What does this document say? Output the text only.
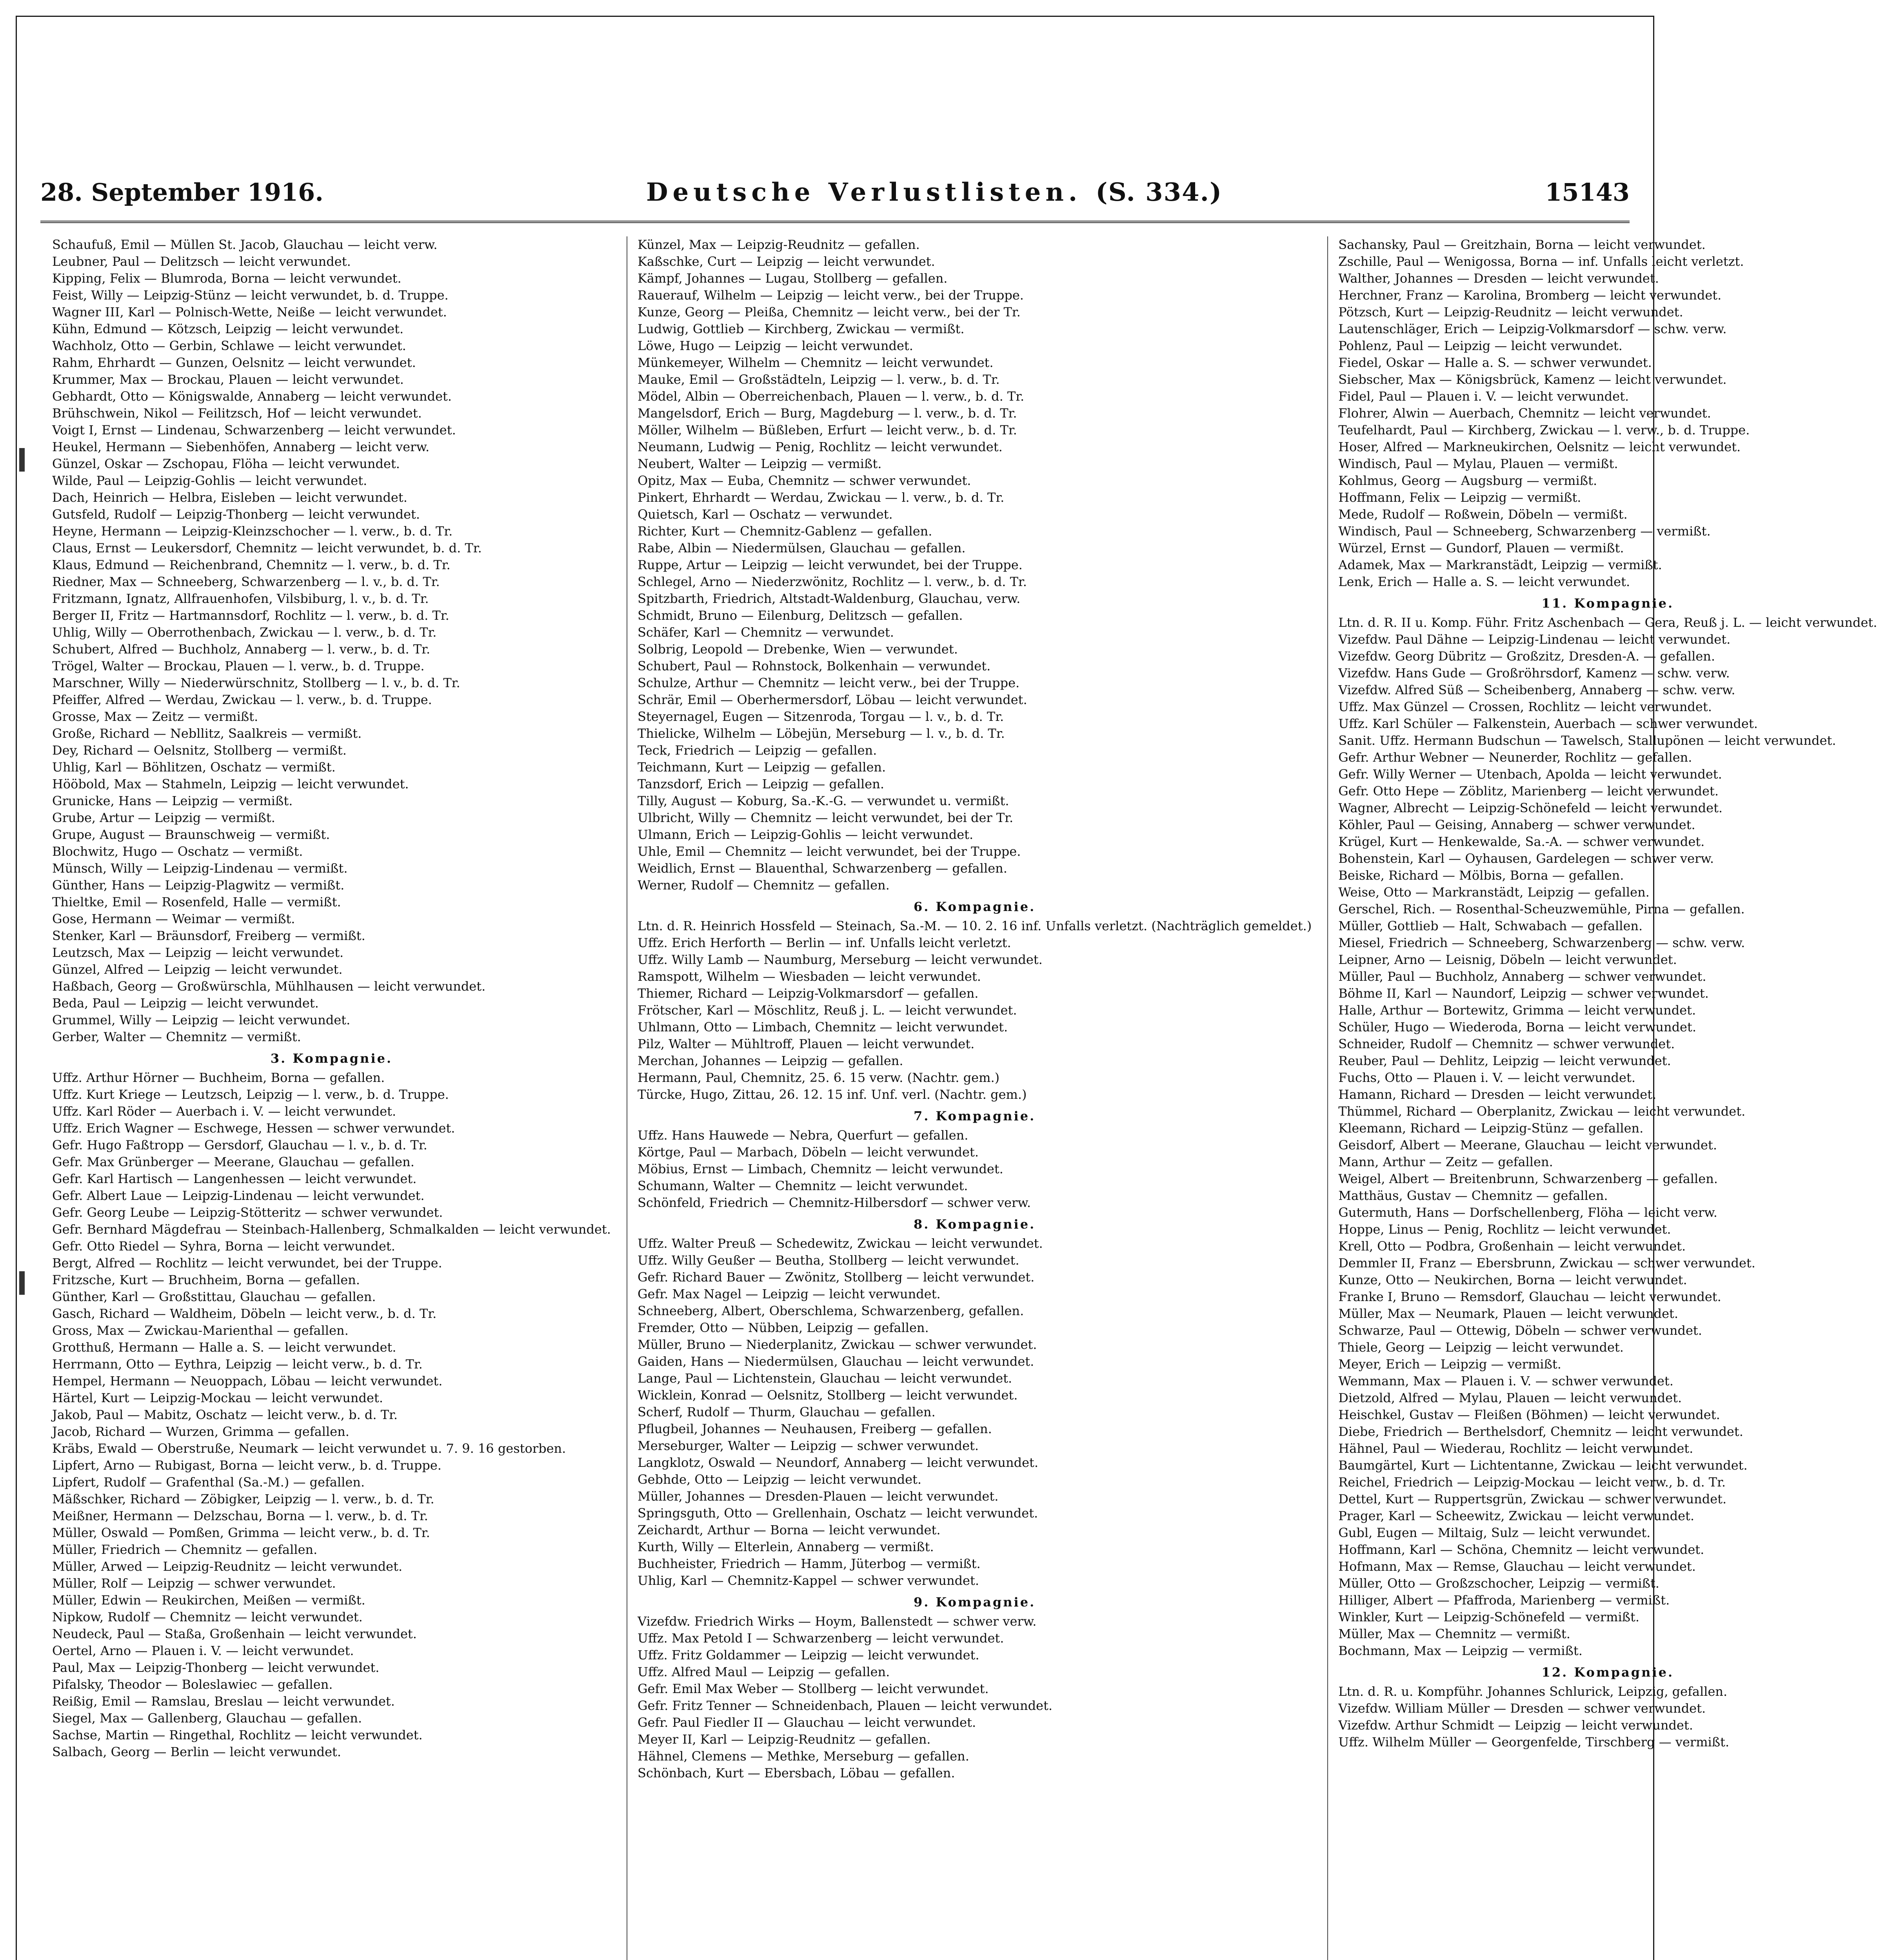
28. September 1916.	Deutsche Verlustlisten. (S. 334.)	15143
Schaufuß, Emil — Müllen St. Jacob, Glauchau — leicht verw.
Leubner, Paul — Delitzsch — leicht verwundet.
Kipping, Felix — Blumroda, Borna — leicht verwundet.
Feist, Willy — Leipzig-Stünz — leicht verwundet, b. d. Truppe.
Wagner III, Karl — Polnisch-Wette, Neiße — leicht verwundet.
Kühn, Edmund — Kötzsch, Leipzig — leicht verwundet.
Wachholz, Otto — Gerbin, Schlawe — leicht verwundet.
Rahm, Ehrhardt — Gunzen, Oelsnitz — leicht verwundet.
Krummer, Max — Brockau, Plauen — leicht verwundet.
Gebhardt, Otto — Königswalde, Annaberg — leicht verwundet.
Brühschwein, Nikol — Feilitzsch, Hof — leicht verwundet.
Voigt I, Ernst — Lindenau, Schwarzenberg — leicht verwundet.
Heukel, Hermann — Siebenhöfen, Annaberg — leicht verw.
Günzel, Oskar — Zschopau, Flöha — leicht verwundet.
Wilde, Paul — Leipzig-Gohlis — leicht verwundet.
Dach, Heinrich — Helbra, Eisleben — leicht verwundet.
Gutsfeld, Rudolf — Leipzig-Thonberg — leicht verwundet.
Heyne, Hermann — Leipzig-Kleinzschocher — l. verw., b. d. Tr.
Claus, Ernst — Leukersdorf, Chemnitz — leicht verwundet, b. d. Tr.
Klaus, Edmund — Reichenbrand, Chemnitz — l. verw., b. d. Tr.
Riedner, Max — Schneeberg, Schwarzenberg — l. v., b. d. Tr.
Fritzmann, Ignatz, Allfrauenhofen, Vilsbiburg, l. v., b. d. Tr.
Berger II, Fritz — Hartmannsdorf, Rochlitz — l. verw., b. d. Tr.
Uhlig, Willy — Oberrothenbach, Zwickau — l. verw., b. d. Tr.
Schubert, Alfred — Buchholz, Annaberg — l. verw., b. d. Tr.
Trögel, Walter — Brockau, Plauen — l. verw., b. d. Truppe.
Marschner, Willy — Niederwürschnitz, Stollberg — l. v., b. d. Tr.
Pfeiffer, Alfred — Werdau, Zwickau — l. verw., b. d. Truppe.
Grosse, Max — Zeitz — vermißt.
Große, Richard — Nebllitz, Saalkreis — vermißt.
Dey, Richard — Oelsnitz, Stollberg — vermißt.
Uhlig, Karl — Böhlitzen, Oschatz — vermißt.
Hööbold, Max — Stahmeln, Leipzig — leicht verwundet.
Grunicke, Hans — Leipzig — vermißt.
Grube, Artur — Leipzig — vermißt.
Grupe, August — Braunschweig — vermißt.
Blochwitz, Hugo — Oschatz — vermißt.
Münsch, Willy — Leipzig-Lindenau — vermißt.
Günther, Hans — Leipzig-Plagwitz — vermißt.
Thieltke, Emil — Rosenfeld, Halle — vermißt.
Gose, Hermann — Weimar — vermißt.
Stenker, Karl — Bräunsdorf, Freiberg — vermißt.
Leutzsch, Max — Leipzig — leicht verwundet.
Günzel, Alfred — Leipzig — leicht verwundet.
Haßbach, Georg — Großwürschla, Mühlhausen — leicht verwundet.
Beda, Paul — Leipzig — leicht verwundet.
Grummel, Willy — Leipzig — leicht verwundet.
Gerber, Walter — Chemnitz — vermißt.
3. Kompagnie.
Uffz. Arthur Hörner — Buchheim, Borna — gefallen.
Uffz. Kurt Kriege — Leutzsch, Leipzig — l. verw., b. d. Truppe.
Uffz. Karl Röder — Auerbach i. V. — leicht verwundet.
Uffz. Erich Wagner — Eschwege, Hessen — schwer verwundet.
Gefr. Hugo Faßtropp — Gersdorf, Glauchau — l. v., b. d. Tr.
Gefr. Max Grünberger — Meerane, Glauchau — gefallen.
Gefr. Karl Hartisch — Langenhessen — leicht verwundet.
Gefr. Albert Laue — Leipzig-Lindenau — leicht verwundet.
Gefr. Georg Leube — Leipzig-Stötteritz — schwer verwundet.
Gefr. Bernhard Mägdefrau — Steinbach-Hallenberg, Schmalkalden — leicht verwundet.
Gefr. Otto Riedel — Syhra, Borna — leicht verwundet.
Bergt, Alfred — Rochlitz — leicht verwundet, bei der Truppe.
Fritzsche, Kurt — Bruchheim, Borna — gefallen.
Günther, Karl — Großstittau, Glauchau — gefallen.
Gasch, Richard — Waldheim, Döbeln — leicht verw., b. d. Tr.
Gross, Max — Zwickau-Marienthal — gefallen.
Grotthuß, Hermann — Halle a. S. — leicht verwundet.
Herrmann, Otto — Eythra, Leipzig — leicht verw., b. d. Tr.
Hempel, Hermann — Neuoppach, Löbau — leicht verwundet.
Härtel, Kurt — Leipzig-Mockau — leicht verwundet.
Jakob, Paul — Mabitz, Oschatz — leicht verw., b. d. Tr.
Jacob, Richard — Wurzen, Grimma — gefallen.
Kräbs, Ewald — Oberstruße, Neumark — leicht verwundet u. 7. 9. 16 gestorben.
Lipfert, Arno — Rubigast, Borna — leicht verw., b. d. Truppe.
Lipfert, Rudolf — Grafenthal (Sa.-M.) — gefallen.
Mäßschker, Richard — Zöbigker, Leipzig — l. verw., b. d. Tr.
Meißner, Hermann — Delzschau, Borna — l. verw., b. d. Tr.
Müller, Oswald — Pomßen, Grimma — leicht verw., b. d. Tr.
Müller, Friedrich — Chemnitz — gefallen.
Müller, Arwed — Leipzig-Reudnitz — leicht verwundet.
Müller, Rolf — Leipzig — schwer verwundet.
Müller, Edwin — Reukirchen, Meißen — vermißt.
Nipkow, Rudolf — Chemnitz — leicht verwundet.
Neudeck, Paul — Staßa, Großenhain — leicht verwundet.
Oertel, Arno — Plauen i. V. — leicht verwundet.
Paul, Max — Leipzig-Thonberg — leicht verwundet.
Pifalsky, Theodor — Boleslawiec — gefallen.
Reißig, Emil — Ramslau, Breslau — leicht verwundet.
Siegel, Max — Gallenberg, Glauchau — gefallen.
Sachse, Martin — Ringethal, Rochlitz — leicht verwundet.
Salbach, Georg — Berlin — leicht verwundet.
Künzel, Max — Leipzig-Reudnitz — gefallen.
Kaßschke, Curt — Leipzig — leicht verwundet.
Kämpf, Johannes — Lugau, Stollberg — gefallen.
Rauerauf, Wilhelm — Leipzig — leicht verw., bei der Truppe.
Kunze, Georg — Pleißa, Chemnitz — leicht verw., bei der Tr.
Ludwig, Gottlieb — Kirchberg, Zwickau — vermißt.
Löwe, Hugo — Leipzig — leicht verwundet.
Münkemeyer, Wilhelm — Chemnitz — leicht verwundet.
Mauke, Emil — Großstädteln, Leipzig — l. verw., b. d. Tr.
Mödel, Albin — Oberreichenbach, Plauen — l. verw., b. d. Tr.
Mangelsdorf, Erich — Burg, Magdeburg — l. verw., b. d. Tr.
Möller, Wilhelm — Büßleben, Erfurt — leicht verw., b. d. Tr.
Neumann, Ludwig — Penig, Rochlitz — leicht verwundet.
Neubert, Walter — Leipzig — vermißt.
Opitz, Max — Euba, Chemnitz — schwer verwundet.
Pinkert, Ehrhardt — Werdau, Zwickau — l. verw., b. d. Tr.
Quietsch, Karl — Oschatz — verwundet.
Richter, Kurt — Chemnitz-Gablenz — gefallen.
Rabe, Albin — Niedermülsen, Glauchau — gefallen.
Ruppe, Artur — Leipzig — leicht verwundet, bei der Truppe.
Schlegel, Arno — Niederzwönitz, Rochlitz — l. verw., b. d. Tr.
Spitzbarth, Friedrich, Altstadt-Waldenburg, Glauchau, verw.
Schmidt, Bruno — Eilenburg, Delitzsch — gefallen.
Schäfer, Karl — Chemnitz — verwundet.
Solbrig, Leopold — Drebenke, Wien — verwundet.
Schubert, Paul — Rohnstock, Bolkenhain — verwundet.
Schulze, Arthur — Chemnitz — leicht verw., bei der Truppe.
Schrär, Emil — Oberhermersdorf, Löbau — leicht verwundet.
Steyernagel, Eugen — Sitzenroda, Torgau — l. v., b. d. Tr.
Thielicke, Wilhelm — Löbejün, Merseburg — l. v., b. d. Tr.
Teck, Friedrich — Leipzig — gefallen.
Teichmann, Kurt — Leipzig — gefallen.
Tanzsdorf, Erich — Leipzig — gefallen.
Tilly, August — Koburg, Sa.-K.-G. — verwundet u. vermißt.
Ulbricht, Willy — Chemnitz — leicht verwundet, bei der Tr.
Ulmann, Erich — Leipzig-Gohlis — leicht verwundet.
Uhle, Emil — Chemnitz — leicht verwundet, bei der Truppe.
Weidlich, Ernst — Blauenthal, Schwarzenberg — gefallen.
Werner, Rudolf — Chemnitz — gefallen.
6. Kompagnie.
Ltn. d. R. Heinrich Hossfeld — Steinach, Sa.-M. — 10. 2. 16 inf. Unfalls verletzt. (Nachträglich gemeldet.)
Uffz. Erich Herforth — Berlin — inf. Unfalls leicht verletzt.
Uffz. Willy Lamb — Naumburg, Merseburg — leicht verwundet.
Ramspott, Wilhelm — Wiesbaden — leicht verwundet.
Thiemer, Richard — Leipzig-Volkmarsdorf — gefallen.
Frötscher, Karl — Möschlitz, Reuß j. L. — leicht verwundet.
Uhlmann, Otto — Limbach, Chemnitz — leicht verwundet.
Pilz, Walter — Mühltroff, Plauen — leicht verwundet.
Merchan, Johannes — Leipzig — gefallen.
Hermann, Paul, Chemnitz, 25. 6. 15 verw. (Nachtr. gem.)
Türcke, Hugo, Zittau, 26. 12. 15 inf. Unf. verl. (Nachtr. gem.)
7. Kompagnie.
Uffz. Hans Hauwede — Nebra, Querfurt — gefallen.
Körtge, Paul — Marbach, Döbeln — leicht verwundet.
Möbius, Ernst — Limbach, Chemnitz — leicht verwundet.
Schumann, Walter — Chemnitz — leicht verwundet.
Schönfeld, Friedrich — Chemnitz-Hilbersdorf — schwer verw.
8. Kompagnie.
Uffz. Walter Preuß — Schedewitz, Zwickau — leicht verwundet.
Uffz. Willy Geußer — Beutha, Stollberg — leicht verwundet.
Gefr. Richard Bauer — Zwönitz, Stollberg — leicht verwundet.
Gefr. Max Nagel — Leipzig — leicht verwundet.
Schneeberg, Albert, Oberschlema, Schwarzenberg, gefallen.
Fremder, Otto — Nübben, Leipzig — gefallen.
Müller, Bruno — Niederplanitz, Zwickau — schwer verwundet.
Gaiden, Hans — Niedermülsen, Glauchau — leicht verwundet.
Lange, Paul — Lichtenstein, Glauchau — leicht verwundet.
Wicklein, Konrad — Oelsnitz, Stollberg — leicht verwundet.
Scherf, Rudolf — Thurm, Glauchau — gefallen.
Pflugbeil, Johannes — Neuhausen, Freiberg — gefallen.
Merseburger, Walter — Leipzig — schwer verwundet.
Langklotz, Oswald — Neundorf, Annaberg — leicht verwundet.
Gebhde, Otto — Leipzig — leicht verwundet.
Müller, Johannes — Dresden-Plauen — leicht verwundet.
Springsguth, Otto — Grellenhain, Oschatz — leicht verwundet.
Zeichardt, Arthur — Borna — leicht verwundet.
Kurth, Willy — Elterlein, Annaberg — vermißt.
Buchheister, Friedrich — Hamm, Jüterbog — vermißt.
Uhlig, Karl — Chemnitz-Kappel — schwer verwundet.
9. Kompagnie.
Vizefdw. Friedrich Wirks — Hoym, Ballenstedt — schwer verw.
Uffz. Max Petold I — Schwarzenberg — leicht verwundet.
Uffz. Fritz Goldammer — Leipzig — leicht verwundet.
Uffz. Alfred Maul — Leipzig — gefallen.
Gefr. Emil Max Weber — Stollberg — leicht verwundet.
Gefr. Fritz Tenner — Schneidenbach, Plauen — leicht verwundet.
Gefr. Paul Fiedler II — Glauchau — leicht verwundet.
Meyer II, Karl — Leipzig-Reudnitz — gefallen.
Hähnel, Clemens — Methke, Merseburg — gefallen.
Schönbach, Kurt — Ebersbach, Löbau — gefallen.
Sachansky, Paul — Greitzhain, Borna — leicht verwundet.
Zschille, Paul — Wenigossa, Borna — inf. Unfalls leicht verletzt.
Walther, Johannes — Dresden — leicht verwundet.
Herchner, Franz — Karolina, Bromberg — leicht verwundet.
Pötzsch, Kurt — Leipzig-Reudnitz — leicht verwundet.
Lautenschläger, Erich — Leipzig-Volkmarsdorf — schw. verw.
Pohlenz, Paul — Leipzig — leicht verwundet.
Fiedel, Oskar — Halle a. S. — schwer verwundet.
Siebscher, Max — Königsbrück, Kamenz — leicht verwundet.
Fidel, Paul — Plauen i. V. — leicht verwundet.
Flohrer, Alwin — Auerbach, Chemnitz — leicht verwundet.
Teufelhardt, Paul — Kirchberg, Zwickau — l. verw., b. d. Truppe.
Hoser, Alfred — Markneukirchen, Oelsnitz — leicht verwundet.
Windisch, Paul — Mylau, Plauen — vermißt.
Kohlmus, Georg — Augsburg — vermißt.
Hoffmann, Felix — Leipzig — vermißt.
Mede, Rudolf — Roßwein, Döbeln — vermißt.
Windisch, Paul — Schneeberg, Schwarzenberg — vermißt.
Würzel, Ernst — Gundorf, Plauen — vermißt.
Adamek, Max — Markranstädt, Leipzig — vermißt.
Lenk, Erich — Halle a. S. — leicht verwundet.
11. Kompagnie.
Ltn. d. R. II u. Komp. Führ. Fritz Aschenbach — Gera, Reuß j. L. — leicht verwundet.
Vizefdw. Paul Dähne — Leipzig-Lindenau — leicht verwundet.
Vizefdw. Georg Dübritz — Großzitz, Dresden-A. — gefallen.
Vizefdw. Hans Gude — Großröhrsdorf, Kamenz — schw. verw.
Vizefdw. Alfred Süß — Scheibenberg, Annaberg — schw. verw.
Uffz. Max Günzel — Crossen, Rochlitz — leicht verwundet.
Uffz. Karl Schüler — Falkenstein, Auerbach — schwer verwundet.
Sanit. Uffz. Hermann Budschun — Tawelsch, Stallupönen — leicht verwundet.
Gefr. Arthur Webner — Neunerder, Rochlitz — gefallen.
Gefr. Willy Werner — Utenbach, Apolda — leicht verwundet.
Gefr. Otto Hepe — Zöblitz, Marienberg — leicht verwundet.
Wagner, Albrecht — Leipzig-Schönefeld — leicht verwundet.
Köhler, Paul — Geising, Annaberg — schwer verwundet.
Krügel, Kurt — Henkewalde, Sa.-A. — schwer verwundet.
Bohenstein, Karl — Oyhausen, Gardelegen — schwer verw.
Beiske, Richard — Mölbis, Borna — gefallen.
Weise, Otto — Markranstädt, Leipzig — gefallen.
Gerschel, Rich. — Rosenthal-Scheuzwemühle, Pirna — gefallen.
Müller, Gottlieb — Halt, Schwabach — gefallen.
Miesel, Friedrich — Schneeberg, Schwarzenberg — schw. verw.
Leipner, Arno — Leisnig, Döbeln — leicht verwundet.
Müller, Paul — Buchholz, Annaberg — schwer verwundet.
Böhme II, Karl — Naundorf, Leipzig — schwer verwundet.
Halle, Arthur — Bortewitz, Grimma — leicht verwundet.
Schüler, Hugo — Wiederoda, Borna — leicht verwundet.
Schneider, Rudolf — Chemnitz — schwer verwundet.
Reuber, Paul — Dehlitz, Leipzig — leicht verwundet.
Fuchs, Otto — Plauen i. V. — leicht verwundet.
Hamann, Richard — Dresden — leicht verwundet.
Thümmel, Richard — Oberplanitz, Zwickau — leicht verwundet.
Kleemann, Richard — Leipzig-Stünz — gefallen.
Geisdorf, Albert — Meerane, Glauchau — leicht verwundet.
Mann, Arthur — Zeitz — gefallen.
Weigel, Albert — Breitenbrunn, Schwarzenberg — gefallen.
Matthäus, Gustav — Chemnitz — gefallen.
Gutermuth, Hans — Dorfschellenberg, Flöha — leicht verw.
Hoppe, Linus — Penig, Rochlitz — leicht verwundet.
Krell, Otto — Podbra, Großenhain — leicht verwundet.
Demmler II, Franz — Ebersbrunn, Zwickau — schwer verwundet.
Kunze, Otto — Neukirchen, Borna — leicht verwundet.
Franke I, Bruno — Remsdorf, Glauchau — leicht verwundet.
Müller, Max — Neumark, Plauen — leicht verwundet.
Schwarze, Paul — Ottewig, Döbeln — schwer verwundet.
Thiele, Georg — Leipzig — leicht verwundet.
Meyer, Erich — Leipzig — vermißt.
Wemmann, Max — Plauen i. V. — schwer verwundet.
Dietzold, Alfred — Mylau, Plauen — leicht verwundet.
Heischkel, Gustav — Fleißen (Böhmen) — leicht verwundet.
Diebe, Friedrich — Berthelsdorf, Chemnitz — leicht verwundet.
Hähnel, Paul — Wiederau, Rochlitz — leicht verwundet.
Baumgärtel, Kurt — Lichtentanne, Zwickau — leicht verwundet.
Reichel, Friedrich — Leipzig-Mockau — leicht verw., b. d. Tr.
Dettel, Kurt — Ruppertsgrün, Zwickau — schwer verwundet.
Prager, Karl — Scheewitz, Zwickau — leicht verwundet.
Gubl, Eugen — Miltaig, Sulz — leicht verwundet.
Hoffmann, Karl — Schöna, Chemnitz — leicht verwundet.
Hofmann, Max — Remse, Glauchau — leicht verwundet.
Müller, Otto — Großzschocher, Leipzig — vermißt.
Hilliger, Albert — Pfaffroda, Marienberg — vermißt.
Winkler, Kurt — Leipzig-Schönefeld — vermißt.
Müller, Max — Chemnitz — vermißt.
Bochmann, Max — Leipzig — vermißt.
12. Kompagnie.
Ltn. d. R. u. Kompführ. Johannes Schlurick, Leipzig, gefallen.
Vizefdw. William Müller — Dresden — schwer verwundet.
Vizefdw. Arthur Schmidt — Leipzig — leicht verwundet.
Uffz. Wilhelm Müller — Georgenfelde, Tirschberg — vermißt.
